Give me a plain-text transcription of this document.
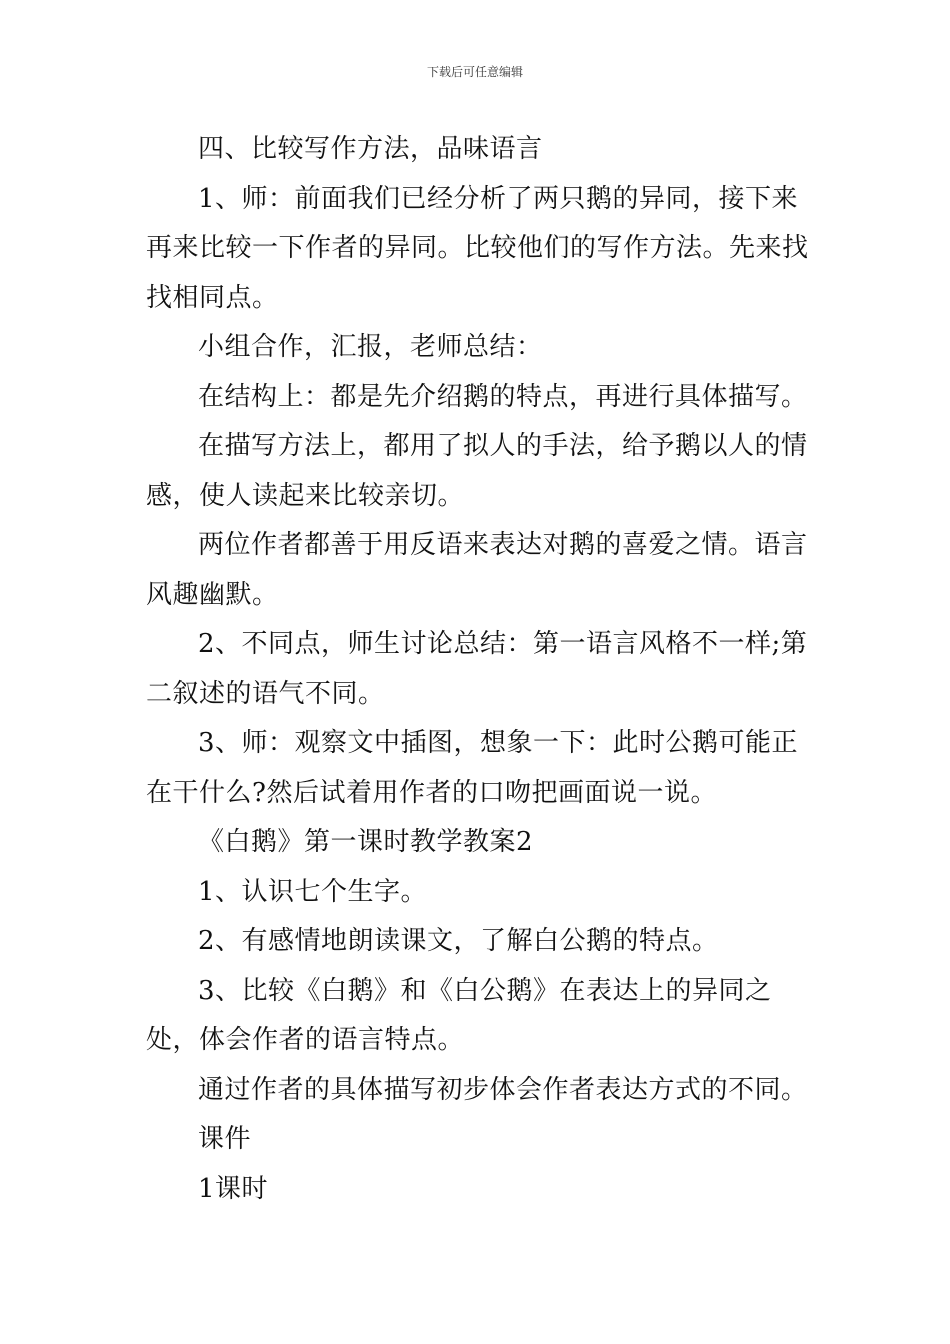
下载后可任意编辑

四、比较写作方法，品味语言

1、师：前面我们已经分析了两只鹅的异同，接下来再来比较一下作者的异同。比较他们的写作方法。先来找找相同点。

小组合作，汇报，老师总结：

在结构上：都是先介绍鹅的特点，再进行具体描写。

在描写方法上，都用了拟人的手法，给予鹅以人的情感，使人读起来比较亲切。

两位作者都善于用反语来表达对鹅的喜爱之情。语言风趣幽默。

2、不同点，师生讨论总结：第一语言风格不一样;第二叙述的语气不同。

3、师：观察文中插图，想象一下：此时公鹅可能正在干什么?然后试着用作者的口吻把画面说一说。

《白鹅》第一课时教学教案2

1、认识七个生字。

2、有感情地朗读课文，了解白公鹅的特点。

3、比较《白鹅》和《白公鹅》在表达上的异同之处，体会作者的语言特点。

通过作者的具体描写初步体会作者表达方式的不同。

课件

1课时
